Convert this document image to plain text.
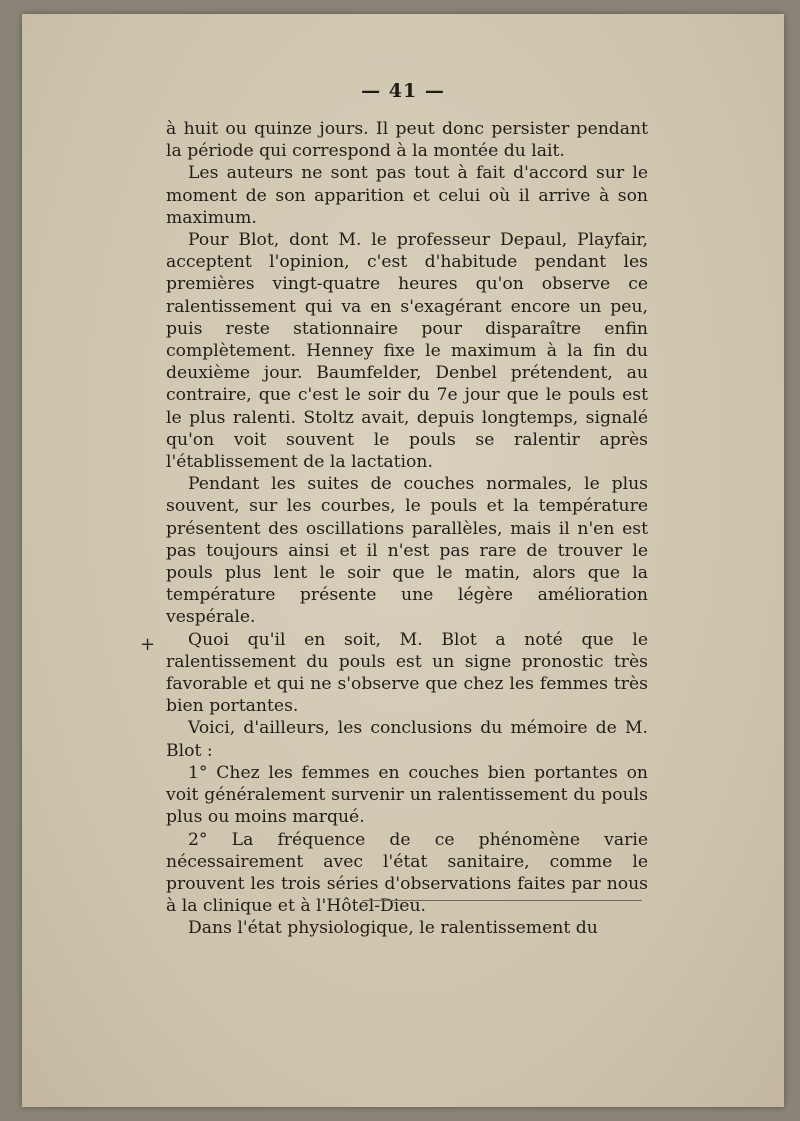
— 41 —
+

à huit ou quinze jours. Il peut donc persister pendant la période qui correspond à la montée du lait.

Les auteurs ne sont pas tout à fait d'accord sur le moment de son apparition et celui où il arrive à son maximum.

Pour Blot, dont M. le professeur Depaul, Playfair, acceptent l'opinion, c'est d'habitude pendant les premières vingt-quatre heures qu'on observe ce ralentissement qui va en s'exagérant encore un peu, puis reste stationnaire pour disparaître enfin complètement. Henney fixe le maximum à la fin du deuxième jour. Baumfelder, Denbel prétendent, au contraire, que c'est le soir du 7e jour que le pouls est le plus ralenti. Stoltz avait, depuis longtemps, signalé qu'on voit souvent le pouls se ralentir après l'établissement de la lactation.

Pendant les suites de couches normales, le plus souvent, sur les courbes, le pouls et la température présentent des oscillations parallèles, mais il n'en est pas toujours ainsi et il n'est pas rare de trouver le pouls plus lent le soir que le matin, alors que la température présente une légère amélioration vespérale.

Quoi qu'il en soit, M. Blot a noté que le ralentissement du pouls est un signe pronostic très favorable et qui ne s'observe que chez les femmes très bien portantes.

Voici, d'ailleurs, les conclusions du mémoire de M. Blot :

1° Chez les femmes en couches bien portantes on voit généralement survenir un ralentissement du pouls plus ou moins marqué.

2° La fréquence de ce phénomène varie nécessairement avec l'état sanitaire, comme le prouvent les trois séries d'observations faites par nous à la clinique et à l'Hôtel-Dieu.

Dans l'état physiologique, le ralentissement du
